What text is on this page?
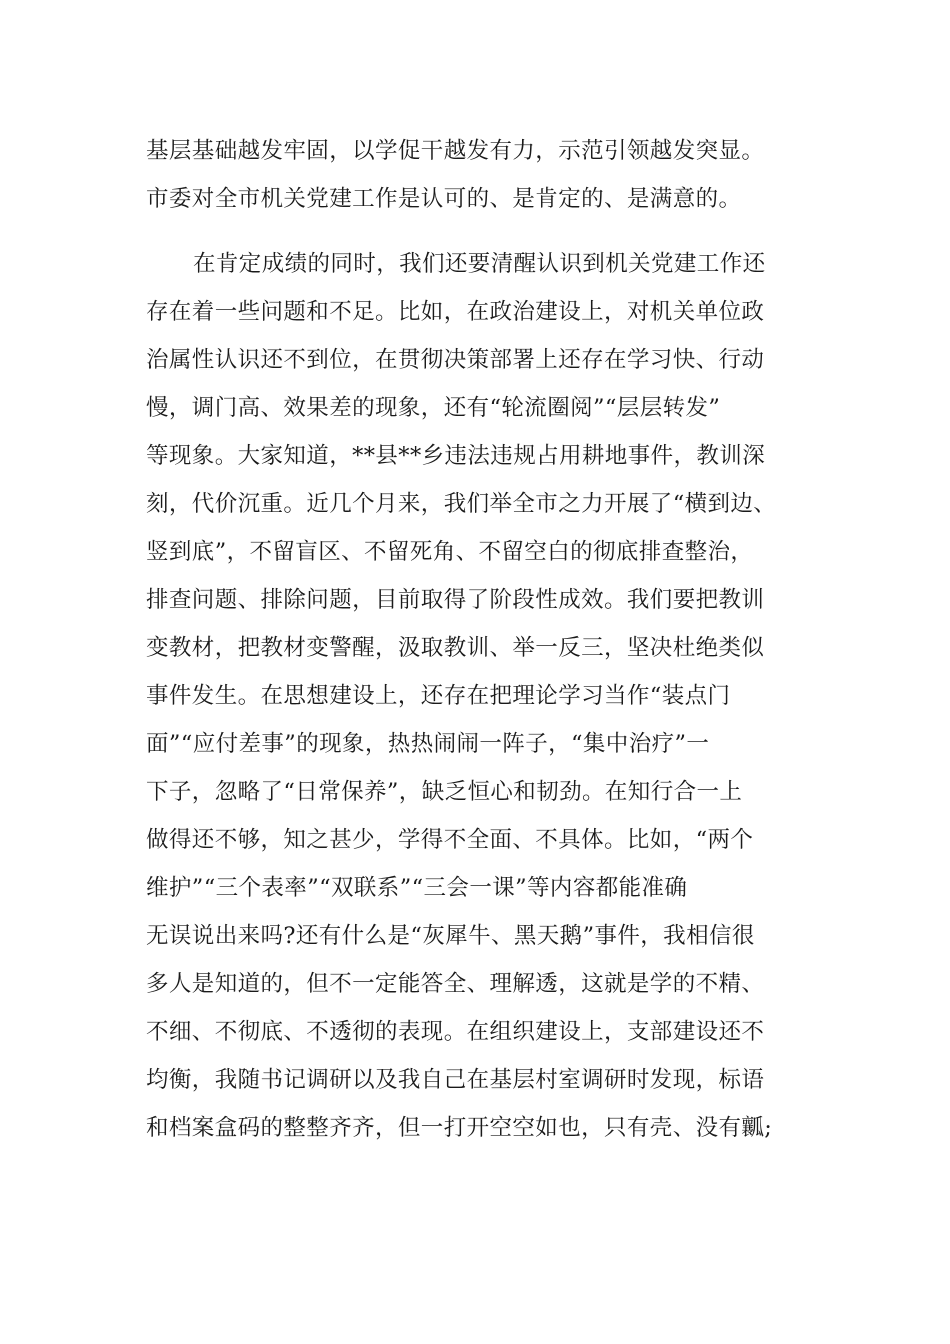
基层基础越发牢固，以学促干越发有力，示范引领越发突显。
市委对全市机关党建工作是认可的、是肯定的、是满意的。
在肯定成绩的同时，我们还要清醒认识到机关党建工作还
存在着一些问题和不足。比如，在政治建设上，对机关单位政
治属性认识还不到位，在贯彻决策部署上还存在学习快、行动
慢，调门高、效果差的现象，还有“轮流圈阅”“层层转发”
等现象。大家知道，**县**乡违法违规占用耕地事件，教训深
刻，代价沉重。近几个月来，我们举全市之力开展了“横到边、
竖到底”，不留盲区、不留死角、不留空白的彻底排查整治，
排查问题、排除问题，目前取得了阶段性成效。我们要把教训
变教材，把教材变警醒，汲取教训、举一反三，坚决杜绝类似
事件发生。在思想建设上，还存在把理论学习当作“装点门
面”“应付差事”的现象，热热闹闹一阵子，“集中治疗”一
下子，忽略了“日常保养”，缺乏恒心和韧劲。在知行合一上
做得还不够，知之甚少，学得不全面、不具体。比如，“两个
维护”“三个表率”“双联系”“三会一课”等内容都能准确
无误说出来吗?还有什么是“灰犀牛、黑天鹅”事件，我相信很
多人是知道的，但不一定能答全、理解透，这就是学的不精、
不细、不彻底、不透彻的表现。在组织建设上，支部建设还不
均衡，我随书记调研以及我自己在基层村室调研时发现，标语
和档案盒码的整整齐齐，但一打开空空如也，只有壳、没有瓤;
